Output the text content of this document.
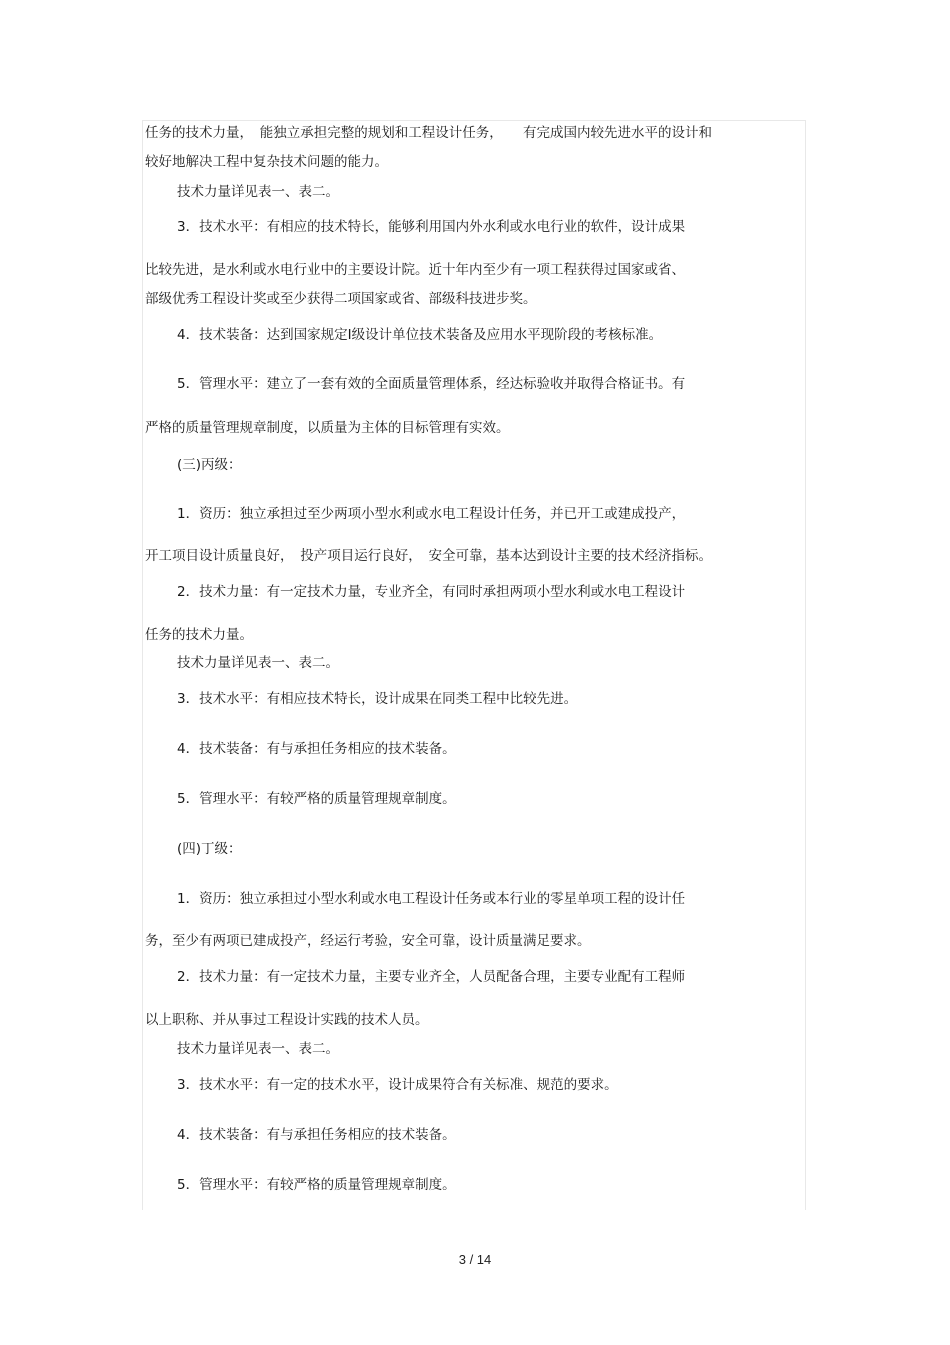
任务的技术力量，　能独立承担完整的规划和工程设计任务，　　有完成国内较先进水平的设计和
较好地解决工程中复杂技术问题的能力。
技术力量详见表一、表二。
3．技术水平：有相应的技术特长，能够利用国内外水利或水电行业的软件，设计成果
比较先进，是水利或水电行业中的主要设计院。近十年内至少有一项工程获得过国家或省、
部级优秀工程设计奖或至少获得二项国家或省、部级科技进步奖。
4．技术装备：达到国家规定Ⅰ级设计单位技术装备及应用水平现阶段的考核标准。
5．管理水平：建立了一套有效的全面质量管理体系，经达标验收并取得合格证书。有
严格的质量管理规章制度，以质量为主体的目标管理有实效。
(三)丙级：
1．资历：独立承担过至少两项小型水利或水电工程设计任务，并已开工或建成投产，
开工项目设计质量良好，　投产项目运行良好，　安全可靠，基本达到设计主要的技术经济指标。
2．技术力量：有一定技术力量，专业齐全，有同时承担两项小型水利或水电工程设计
任务的技术力量。
技术力量详见表一、表二。
3．技术水平：有相应技术特长，设计成果在同类工程中比较先进。
4．技术装备：有与承担任务相应的技术装备。
5．管理水平：有较严格的质量管理规章制度。
(四)丁级：
1．资历：独立承担过小型水利或水电工程设计任务或本行业的零星单项工程的设计任
务，至少有两项已建成投产，经运行考验，安全可靠，设计质量满足要求。
2．技术力量：有一定技术力量，主要专业齐全，人员配备合理，主要专业配有工程师
以上职称、并从事过工程设计实践的技术人员。
技术力量详见表一、表二。
3．技术水平：有一定的技术水平，设计成果符合有关标准、规范的要求。
4．技术装备：有与承担任务相应的技术装备。
5．管理水平：有较严格的质量管理规章制度。
3 / 14
